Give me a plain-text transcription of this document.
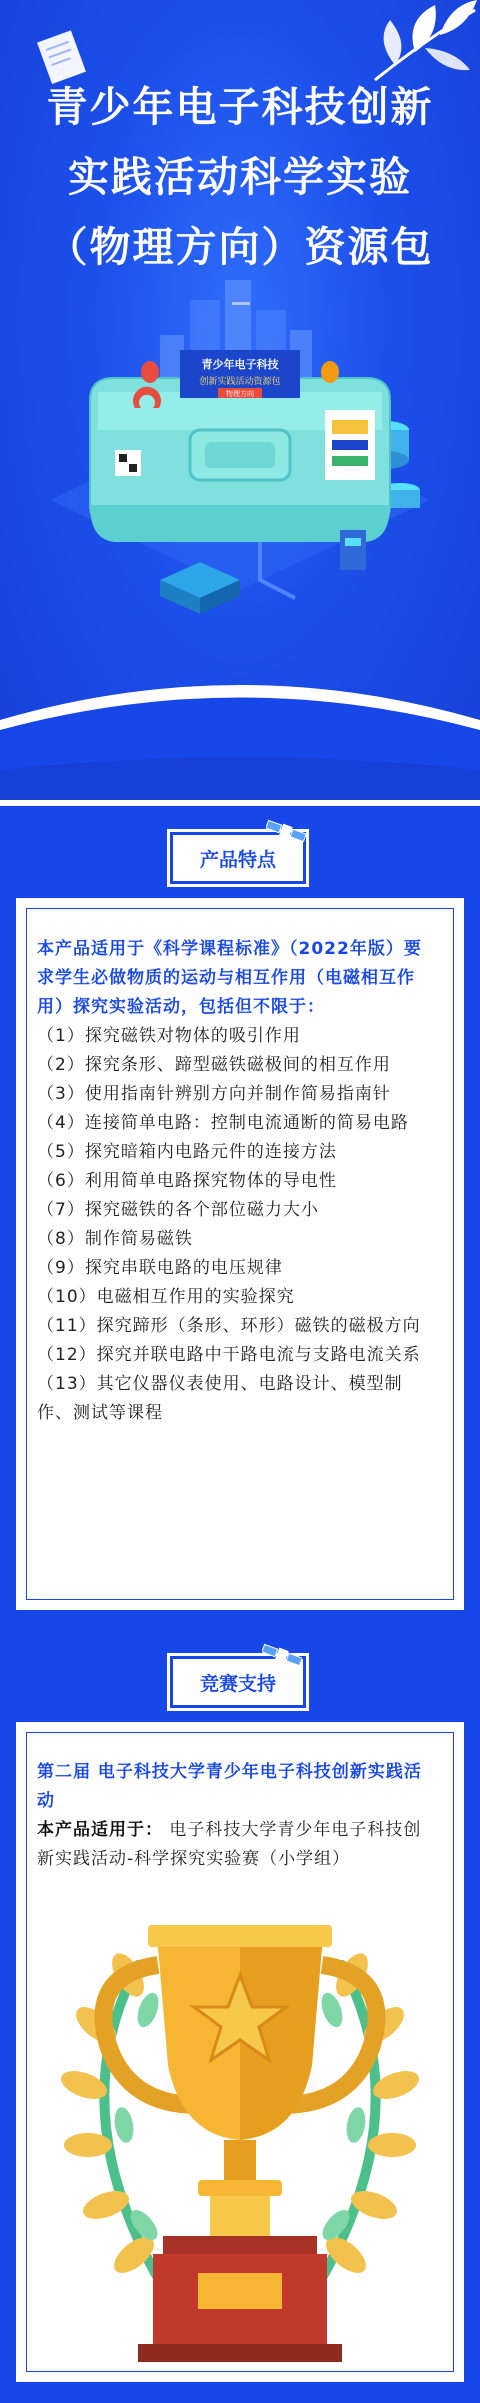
青少年电子科技创新
实践活动科学实验
（物理方向）资源包
青少年电子科技
创新实践活动资源包
物理方向
产品特点

本产品适用于《科学课程标准》（2022年版）要求学生必做物质的运动与相互作用（电磁相互作用）探究实验活动，包括但不限于：

（1）探究磁铁对物体的吸引作用

（2）探究条形、蹄型磁铁磁极间的相互作用

（3）使用指南针辨别方向并制作简易指南针

（4）连接简单电路：控制电流通断的简易电路

（5）探究暗箱内电路元件的连接方法

（6）利用简单电路探究物体的导电性

（7）探究磁铁的各个部位磁力大小

（8）制作简易磁铁

（9）探究串联电路的电压规律

（10）电磁相互作用的实验探究

（11）探究蹄形（条形、环形）磁铁的磁极方向

（12）探究并联电路中干路电流与支路电流关系

（13）其它仪器仪表使用、电路设计、模型制作、测试等课程

竞赛支持

第二届 电子科技大学青少年电子科技创新实践活动

本产品适用于： 电子科技大学青少年电子科技创新实践活动-科学探究实验赛（小学组）
